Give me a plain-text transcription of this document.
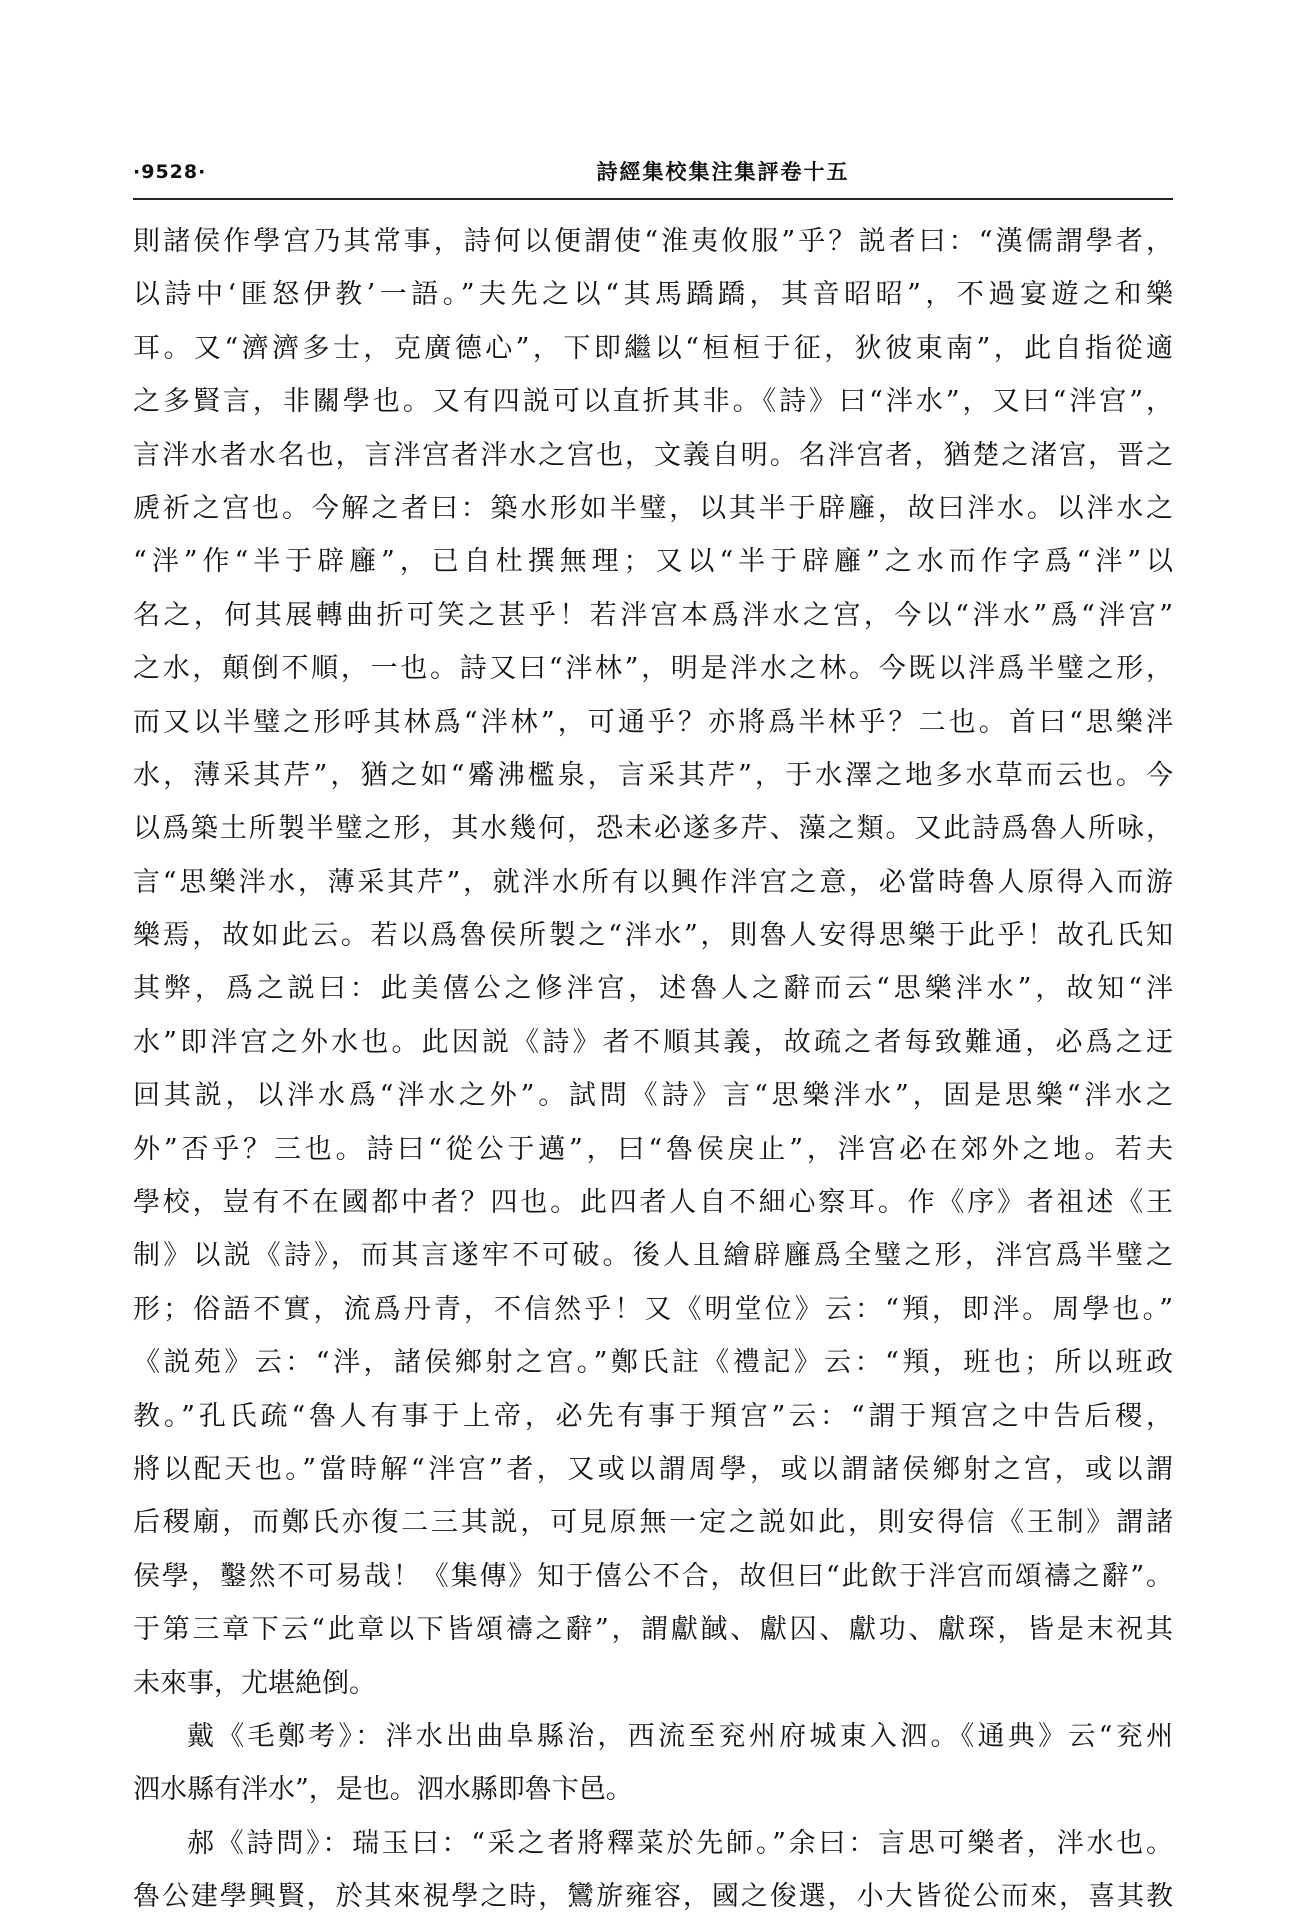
·9528·	詩經集校集注集評卷十五
則諸侯作學宫乃其常事，詩何以便謂使“淮夷攸服”乎？説者曰：“漢儒謂學者，
以詩中‘匪怒伊教’一語。”夫先之以“其馬蹻蹻，其音昭昭”，不過宴遊之和樂
耳。又“濟濟多士，克廣德心”，下即繼以“桓桓于征，狄彼東南”，此自指從適
之多賢言，非關學也。又有四説可以直折其非。《詩》曰“泮水”，又曰“泮宫”，
言泮水者水名也，言泮宫者泮水之宫也，文義自明。名泮宫者，猶楚之渚宫，晋之
虒祈之宫也。今解之者曰：築水形如半璧，以其半于辟廱，故曰泮水。以泮水之
“泮”作“半于辟廱”，已自杜撰無理；又以“半于辟廱”之水而作字爲“泮”以
名之，何其展轉曲折可笑之甚乎！若泮宫本爲泮水之宫，今以“泮水”爲“泮宫”
之水，顛倒不順，一也。詩又曰“泮林”，明是泮水之林。今既以泮爲半璧之形，
而又以半璧之形呼其林爲“泮林”，可通乎？亦將爲半林乎？二也。首曰“思樂泮
水，薄采其芹”，猶之如“觱沸檻泉，言采其芹”，于水澤之地多水草而云也。今
以爲築土所製半璧之形，其水幾何，恐未必遂多芹、藻之類。又此詩爲魯人所咏，
言“思樂泮水，薄采其芹”，就泮水所有以興作泮宫之意，必當時魯人原得入而游
樂焉，故如此云。若以爲魯侯所製之“泮水”，則魯人安得思樂于此乎！故孔氏知
其弊，爲之説曰：此美僖公之修泮宫，述魯人之辭而云“思樂泮水”，故知“泮
水”即泮宫之外水也。此因説《詩》者不順其義，故疏之者每致難通，必爲之迂
回其説，以泮水爲“泮水之外”。試問《詩》言“思樂泮水”，固是思樂“泮水之
外”否乎？三也。詩曰“從公于邁”，曰“魯侯戾止”，泮宫必在郊外之地。若夫
學校，豈有不在國都中者？四也。此四者人自不細心察耳。作《序》者祖述《王
制》以説《詩》，而其言遂牢不可破。後人且繪辟廱爲全璧之形，泮宫爲半璧之
形；俗語不實，流爲丹青，不信然乎！又《明堂位》云：“頖，即泮。周學也。”
《説苑》云：“泮，諸侯鄉射之宫。”鄭氏註《禮記》云：“頖，班也；所以班政
教。”孔氏疏“魯人有事于上帝，必先有事于頖宫”云：“謂于頖宫之中告后稷，
將以配天也。”當時解“泮宫”者，又或以謂周學，或以謂諸侯鄉射之宫，或以謂
后稷廟，而鄭氏亦復二三其説，可見原無一定之説如此，則安得信《王制》謂諸
侯學，鑿然不可易哉！《集傳》知于僖公不合，故但曰“此飲于泮宫而頌禱之辭”。
于第三章下云“此章以下皆頌禱之辭”，謂獻馘、獻囚、獻功、獻琛，皆是末祝其
未來事，尤堪絶倒。
戴《毛鄭考》：泮水出曲阜縣治，西流至兖州府城東入泗。《通典》云“兖州
泗水縣有泮水”，是也。泗水縣即魯卞邑。
郝《詩問》：瑞玉曰：“采之者將釋菜於先師。”余曰：言思可樂者，泮水也。
魯公建學興賢，於其來視學之時，鸞旂雍容，國之俊選，小大皆從公而來，喜其教
